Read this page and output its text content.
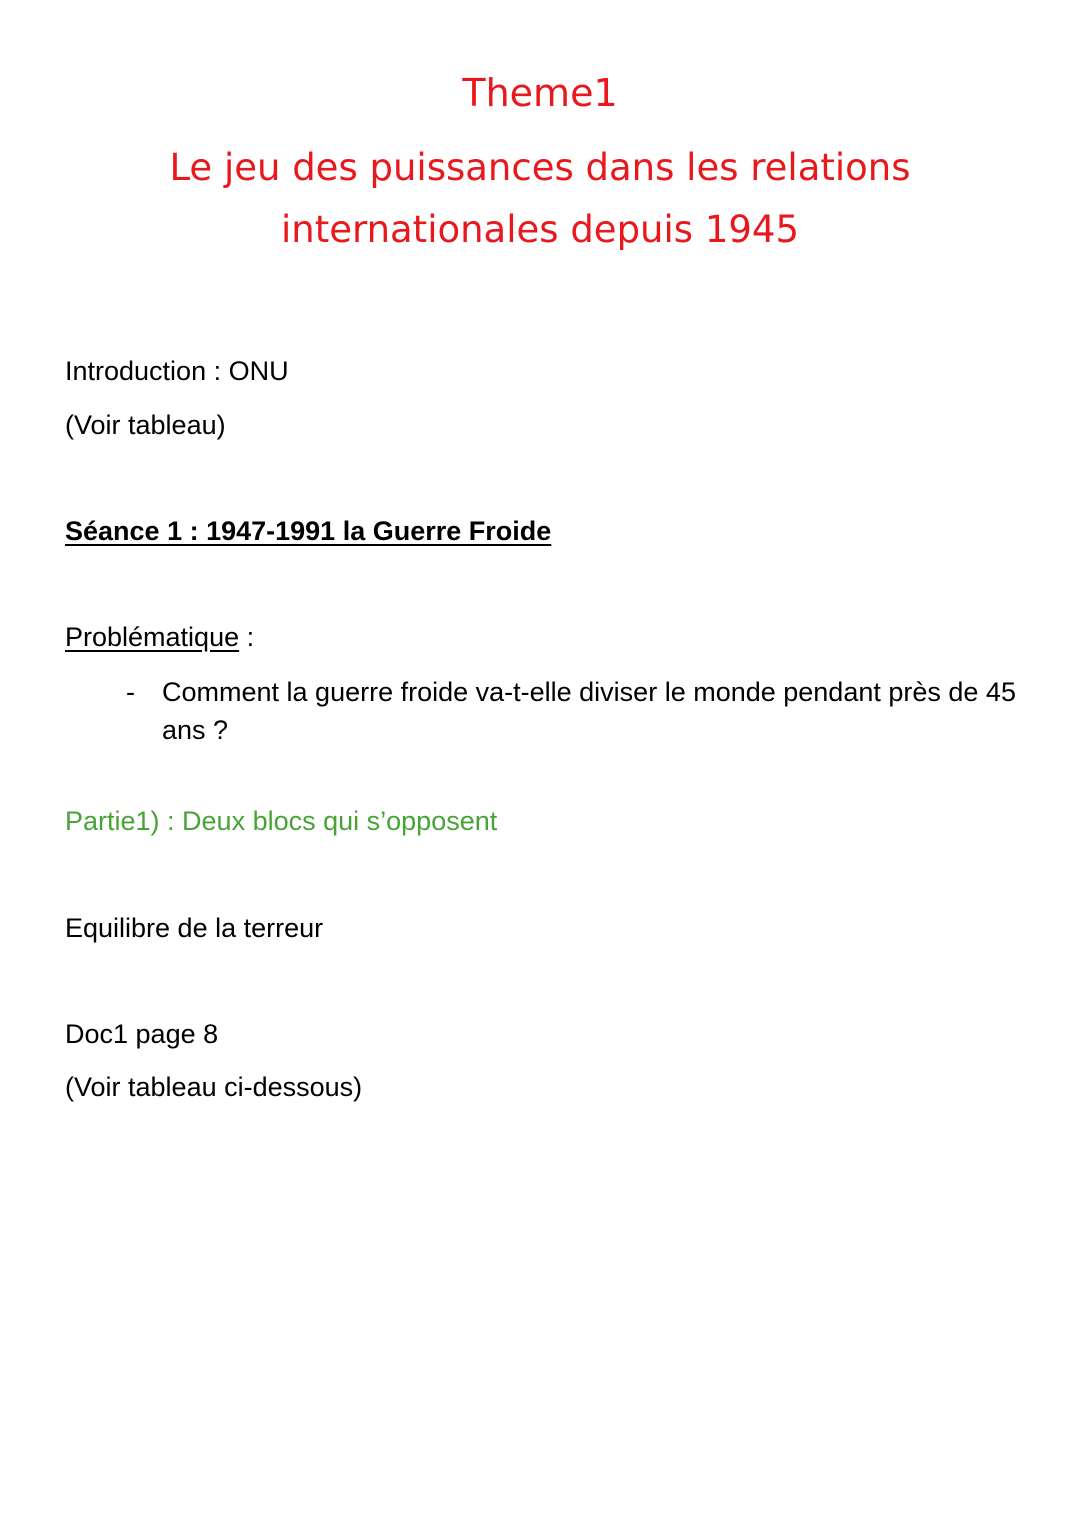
Theme1
Le jeu des puissances dans les relations internationales depuis 1945

Introduction : ONU

(Voir tableau)

Séance 1 : 1947-1991 la Guerre Froide

Problématique :

-	Comment la guerre froide va-t-elle diviser le monde pendant près de 45 ans ?

Partie1) : Deux blocs qui s’opposent

Equilibre de la terreur

Doc1 page 8

(Voir tableau ci-dessous)
